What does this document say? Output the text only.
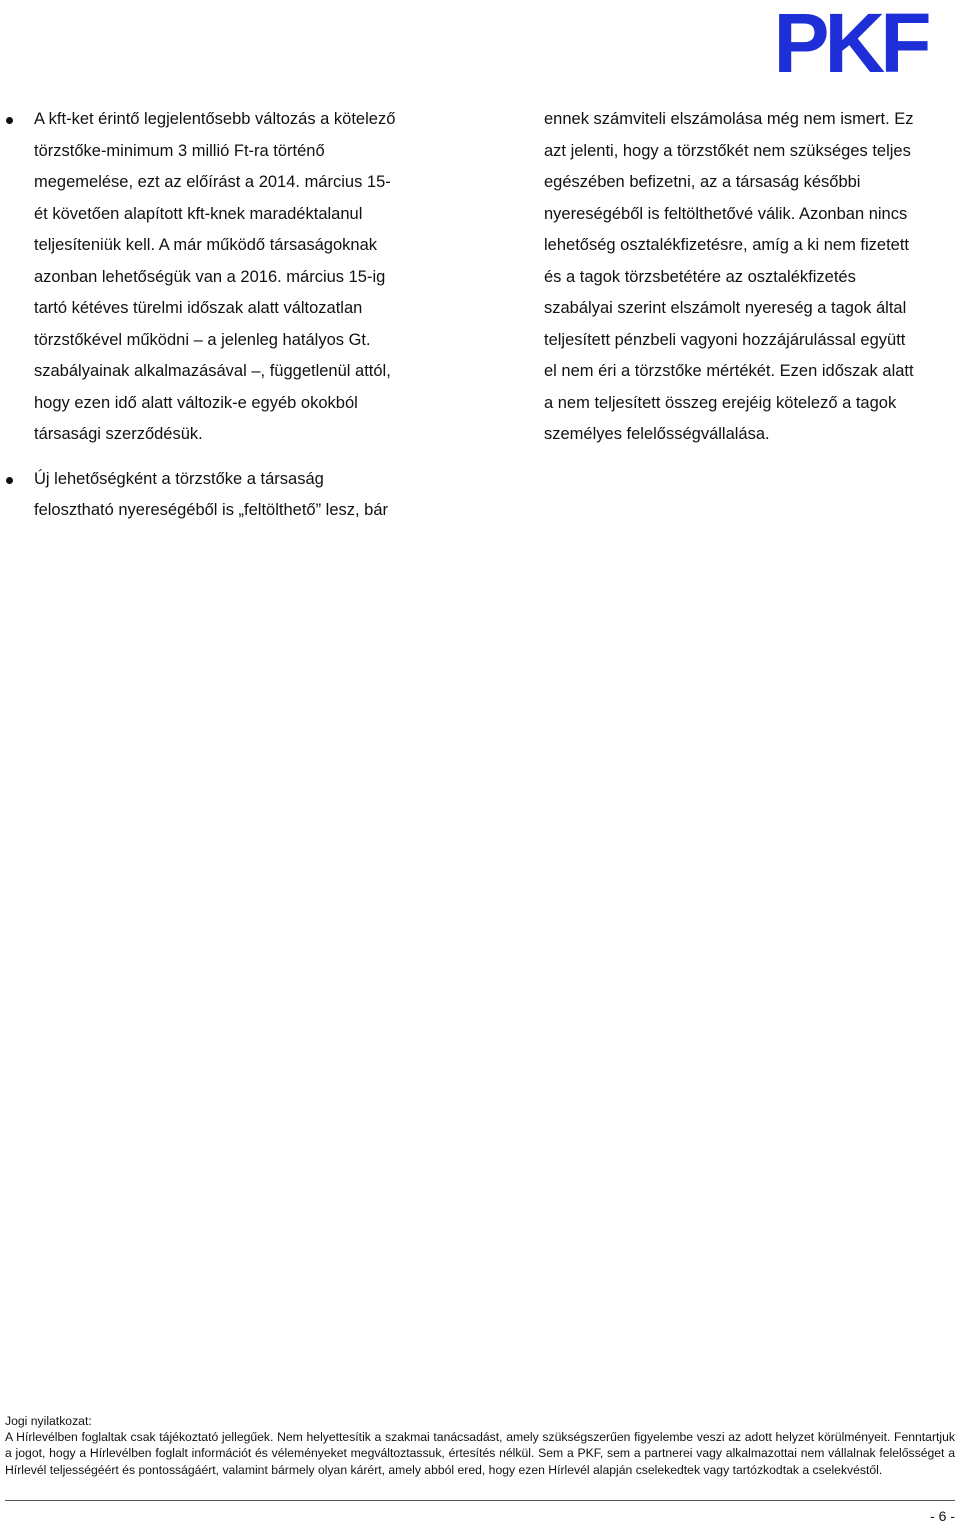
PKF
A kft-ket érintő legjelentősebb változás a kötelező
törzstőke-minimum 3 millió Ft-ra történő
megemelése, ezt az előírást a 2014. március 15-
ét követően alapított kft-knek maradéktalanul
teljesíteniük kell. A már működő társaságoknak
azonban lehetőségük van a 2016. március 15-ig
tartó kétéves türelmi időszak alatt változatlan
törzstőkével működni – a jelenleg hatályos Gt.
szabályainak alkalmazásával –, függetlenül attól,
hogy ezen idő alatt változik-e egyéb okokból
társasági szerződésük.
Új lehetőségként a törzstőke a társaság
felosztható nyereségéből is „feltölthető” lesz, bár
ennek számviteli elszámolása még nem ismert. Ez
azt jelenti, hogy a törzstőkét nem szükséges teljes
egészében befizetni, az a társaság későbbi
nyereségéből is feltölthetővé válik. Azonban nincs
lehetőség osztalékfizetésre, amíg a ki nem fizetett
és a tagok törzsbetétére az osztalékfizetés
szabályai szerint elszámolt nyereség a tagok által
teljesített pénzbeli vagyoni hozzájárulással együtt
el nem éri a törzstőke mértékét. Ezen időszak alatt
a nem teljesített összeg erejéig kötelező a tagok
személyes felelősségvállalása.
Jogi nyilatkozat:
A Hírlevélben foglaltak csak tájékoztató jellegűek. Nem helyettesítik a szakmai tanácsadást, amely szükségszerűen figyelembe veszi az adott helyzet körülményeit. Fenntartjuk a jogot, hogy a Hírlevélben foglalt információt és véleményeket megváltoztassuk, értesítés nélkül. Sem a PKF, sem a partnerei vagy alkalmazottai nem vállalnak felelősséget a Hírlevél teljességéért és pontosságáért, valamint bármely olyan kárért, amely abból ered, hogy ezen Hírlevél alapján cselekedtek vagy tartózkodtak a cselekvéstől.
- 6 -
